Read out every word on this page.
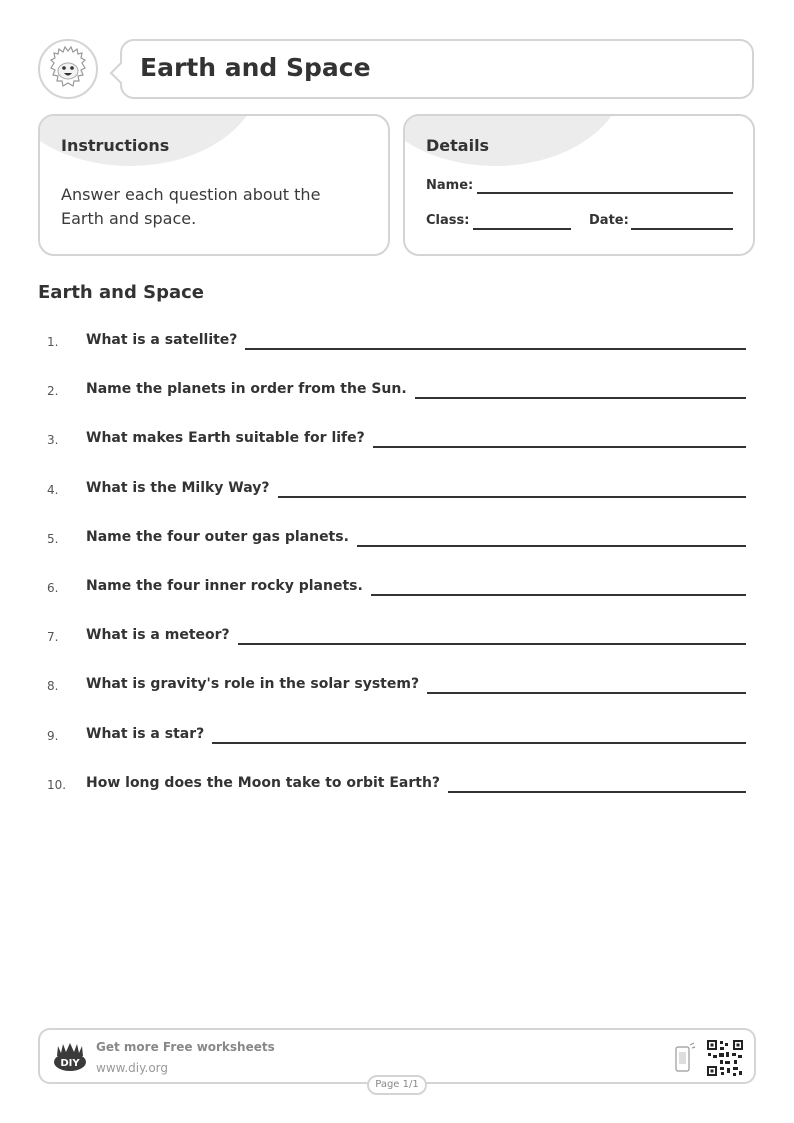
Earth and Space
Instructions
Answer each question about the Earth and space.
Details
Name:
Class:	Date:
Earth and Space
1. What is a satellite?
2. Name the planets in order from the Sun.
3. What makes Earth suitable for life?
4. What is the Milky Way?
5. Name the four outer gas planets.
6. Name the four inner rocky planets.
7. What is a meteor?
8. What is gravity's role in the solar system?
9. What is a star?
10. How long does the Moon take to orbit Earth?
DIY
Get more Free worksheets
www.diy.org
Page 1/1
